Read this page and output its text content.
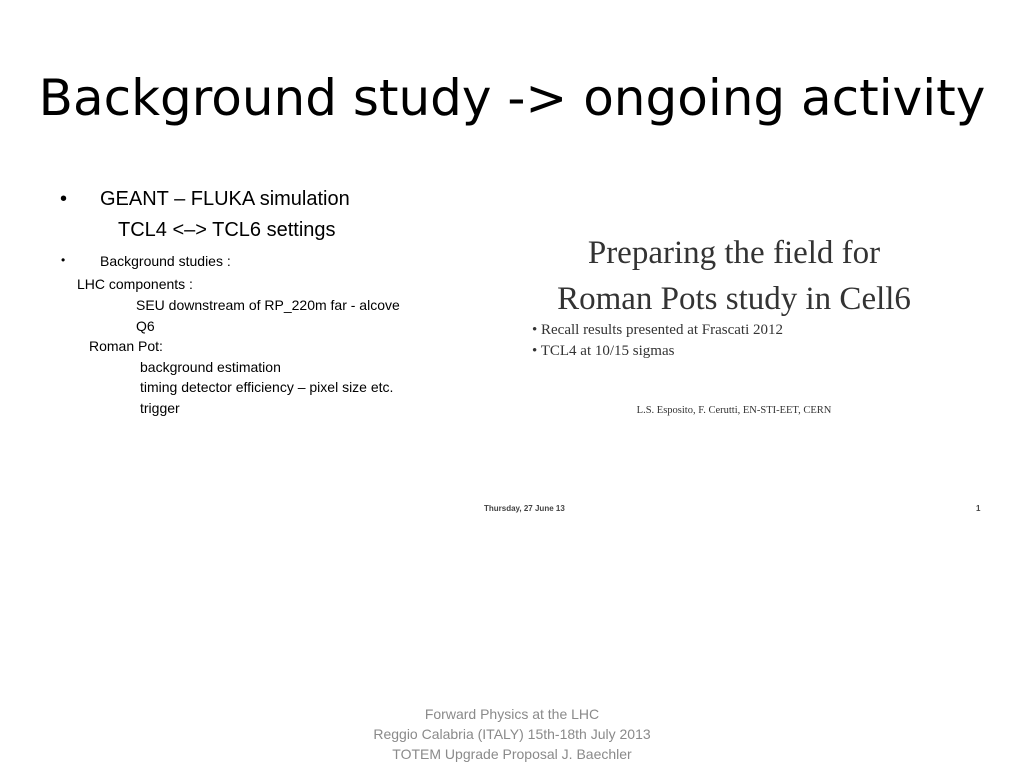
Background study -> ongoing activity
• GEANT – FLUKA simulation
TCL4 <–> TCL6 settings
• Background studies :
LHC components :
SEU downstream of RP_220m far - alcove
Q6
Roman Pot:
background estimation
timing detector efficiency – pixel size etc.
trigger
Preparing the field for
Roman Pots study in Cell6
• Recall results presented at Frascati 2012
• TCL4 at 10/15 sigmas
L.S. Esposito, F. Cerutti, EN-STI-EET, CERN
Thursday, 27 June 13	1
Forward Physics at the LHC
Reggio Calabria (ITALY) 15th-18th July 2013
TOTEM Upgrade Proposal J. Baechler
